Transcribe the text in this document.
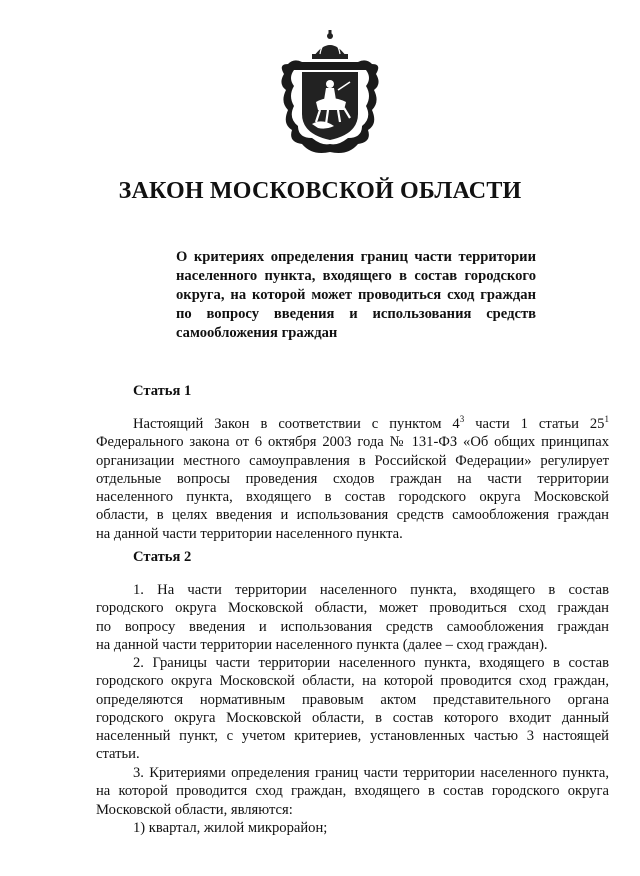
ЗАКОН МОСКОВСКОЙ ОБЛАСТИ
О критериях определения границ части территории
населенного пункта, входящего в состав городского
округа, на которой может проводиться сход граждан
по вопросу введения и использования средств
самообложения граждан
Статья 1
Настоящий Закон в соответствии с пунктом $4^3$ части 1 статьи $25^1$
Федерального закона от 6 октября 2003 года № 131-ФЗ «Об общих принципах
организации местного самоуправления в Российской Федерации» регулирует
отдельные вопросы проведения сходов граждан на части территории
населенного пункта, входящего в состав городского округа Московской
области, в целях введения и использования средств самообложения граждан
на данной части территории населенного пункта.
Статья 2
1. На части территории населенного пункта, входящего в состав
городского округа Московской области, может проводиться сход граждан
по вопросу введения и использования средств самообложения граждан
на данной части территории населенного пункта (далее – сход граждан).
2. Границы части территории населенного пункта, входящего в состав
городского округа Московской области, на которой проводится сход граждан,
определяются нормативным правовым актом представительного органа
городского округа Московской области, в состав которого входит данный
населенный пункт, с учетом критериев, установленных частью 3 настоящей
статьи.
3. Критериями определения границ части территории населенного пункта,
на которой проводится сход граждан, входящего в состав городского округа
Московской области, являются:
1) квартал, жилой микрорайон;
